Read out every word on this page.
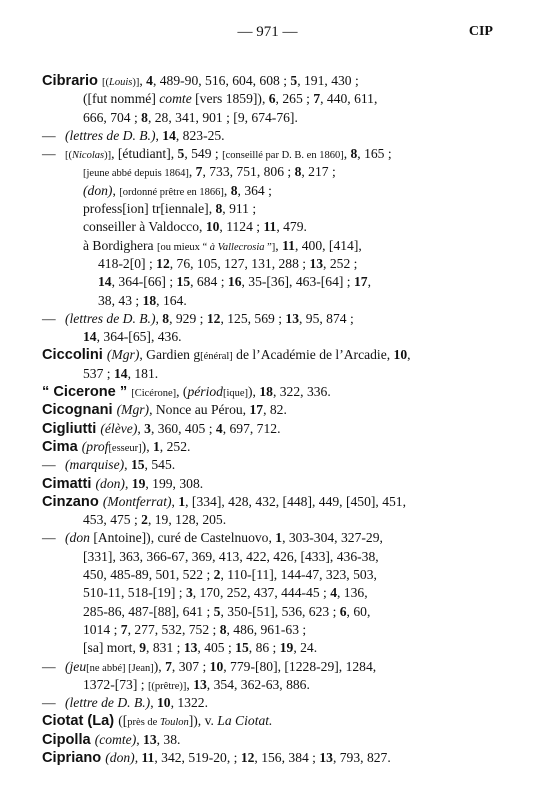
— 971 —	CIP
Cibrario [(Louis)], 4, 489-90, 516, 604, 608 ; 5, 191, 430 ;
([fut nommé] comte [vers 1859]), 6, 265 ; 7, 440, 611,
666, 704 ; 8, 28, 341, 901 ; [9, 674-76].
— (lettres de D. B.), 14, 823-25.
— [(Nicolas)], [étudiant], 5, 549 ; [conseillé par D. B. en 1860], 8, 165 ;
[jeune abbé depuis 1864], 7, 733, 751, 806 ; 8, 217 ;
(don), [ordonné prêtre en 1866], 8, 364 ;
profess[ion] tr[iennale], 8, 911 ;
conseiller à Valdocco, 10, 1124 ; 11, 479.
à Bordighera [ou mieux “ à Vallecrosia ”], 11, 400, [414],
418-2[0] ; 12, 76, 105, 127, 131, 288 ; 13, 252 ;
14, 364-[66] ; 15, 684 ; 16, 35-[36], 463-[64] ; 17,
38, 43 ; 18, 164.
— (lettres de D. B.), 8, 929 ; 12, 125, 569 ; 13, 95, 874 ;
14, 364-[65], 436.
Ciccolini (Mgr), Gardien g[énéral] de l’Académie de l’Arcadie, 10,
537 ; 14, 181.
“ Cicerone ” [Cicérone], (périod[ique]), 18, 322, 336.
Cicognani (Mgr), Nonce au Pérou, 17, 82.
Cigliutti (élève), 3, 360, 405 ; 4, 697, 712.
Cima (prof[esseur]), 1, 252.
— (marquise), 15, 545.
Cimatti (don), 19, 199, 308.
Cinzano (Montferrat), 1, [334], 428, 432, [448], 449, [450], 451,
453, 475 ; 2, 19, 128, 205.
— (don [Antoine]), curé de Castelnuovo, 1, 303-304, 327-29,
[331], 363, 366-67, 369, 413, 422, 426, [433], 436-38,
450, 485-89, 501, 522 ; 2, 110-[11], 144-47, 323, 503,
510-11, 518-[19] ; 3, 170, 252, 437, 444-45 ; 4, 136,
285-86, 487-[88], 641 ; 5, 350-[51], 536, 623 ; 6, 60,
1014 ; 7, 277, 532, 752 ; 8, 486, 961-63 ;
[sa] mort, 9, 831 ; 13, 405 ; 15, 86 ; 19, 24.
— (jeu[ne abbé] [Jean]), 7, 307 ; 10, 779-[80], [1228-29], 1284,
1372-[73] ; [(prêtre)], 13, 354, 362-63, 886.
— (lettre de D. B.), 10, 1322.
Ciotat (La) ([près de Toulon]), v. La Ciotat.
Cipolla (comte), 13, 38.
Cipriano (don), 11, 342, 519-20, ; 12, 156, 384 ; 13, 793, 827.
